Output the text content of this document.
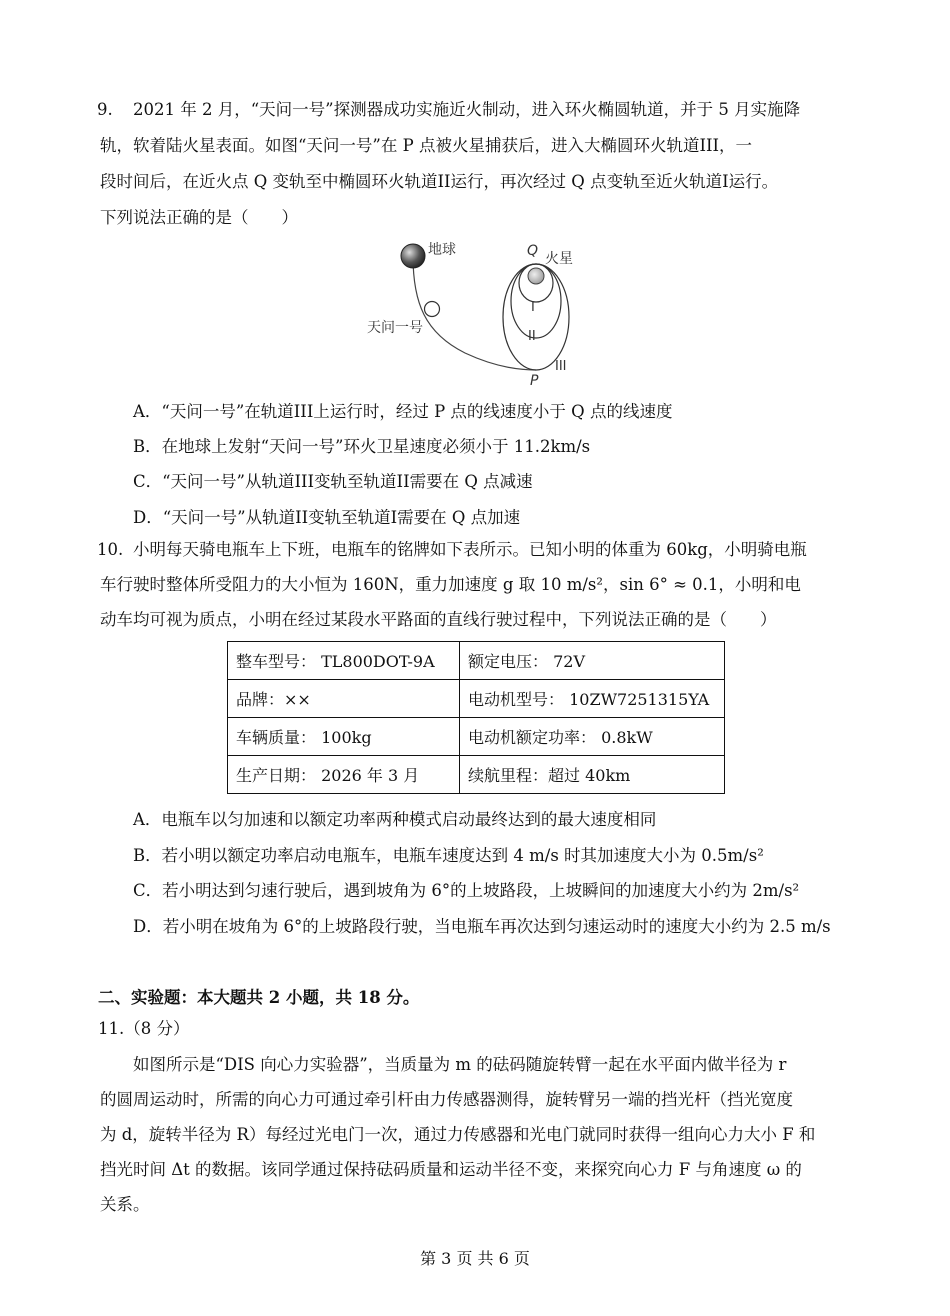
9. 2021 年 2 月，“天问一号”探测器成功实施近火制动，进入环火椭圆轨道，并于 5 月实施降
轨，软着陆火星表面。如图“天问一号”在 P 点被火星捕获后，进入大椭圆环火轨道III，一
段时间后，在近火点 Q 变轨至中椭圆环火轨道II运行，再次经过 Q 点变轨至近火轨道I运行。
下列说法正确的是（　　）
地球
天问一号
火星
Q
P
I
II
III
A．“天问一号”在轨道III上运行时，经过 P 点的线速度小于 Q 点的线速度
B．在地球上发射“天问一号”环火卫星速度必须小于 11.2km/s
C．“天问一号”从轨道III变轨至轨道II需要在 Q 点减速
D．“天问一号”从轨道II变轨至轨道I需要在 Q 点加速
10. 小明每天骑电瓶车上下班，电瓶车的铭牌如下表所示。已知小明的体重为 60kg，小明骑电瓶
车行驶时整体所受阻力的大小恒为 160N，重力加速度 g 取 10 m/s²，sin 6° ≈ 0.1，小明和电
动车均可视为质点，小明在经过某段水平路面的直线行驶过程中，下列说法正确的是（　　）
整车型号： TL800DOT-9A	额定电压： 72V
品牌：××	电动机型号： 10ZW7251315YA
车辆质量： 100kg	电动机额定功率： 0.8kW
生产日期： 2026 年 3 月	续航里程：超过 40km
A．电瓶车以匀加速和以额定功率两种模式启动最终达到的最大速度相同
B．若小明以额定功率启动电瓶车，电瓶车速度达到 4 m/s 时其加速度大小为 0.5m/s²
C．若小明达到匀速行驶后，遇到坡角为 6°的上坡路段，上坡瞬间的加速度大小约为 2m/s²
D．若小明在坡角为 6°的上坡路段行驶，当电瓶车再次达到匀速运动时的速度大小约为 2.5 m/s
二、实验题：本大题共 2 小题，共 18 分。
11.（8 分）
如图所示是“DIS 向心力实验器”，当质量为 m 的砝码随旋转臂一起在水平面内做半径为 r
的圆周运动时，所需的向心力可通过牵引杆由力传感器测得，旋转臂另一端的挡光杆（挡光宽度
为 d，旋转半径为 R）每经过光电门一次，通过力传感器和光电门就同时获得一组向心力大小 F 和
挡光时间 Δt 的数据。该同学通过保持砝码质量和运动半径不变，来探究向心力 F 与角速度 ω 的
关系。
第 3 页 共 6 页
